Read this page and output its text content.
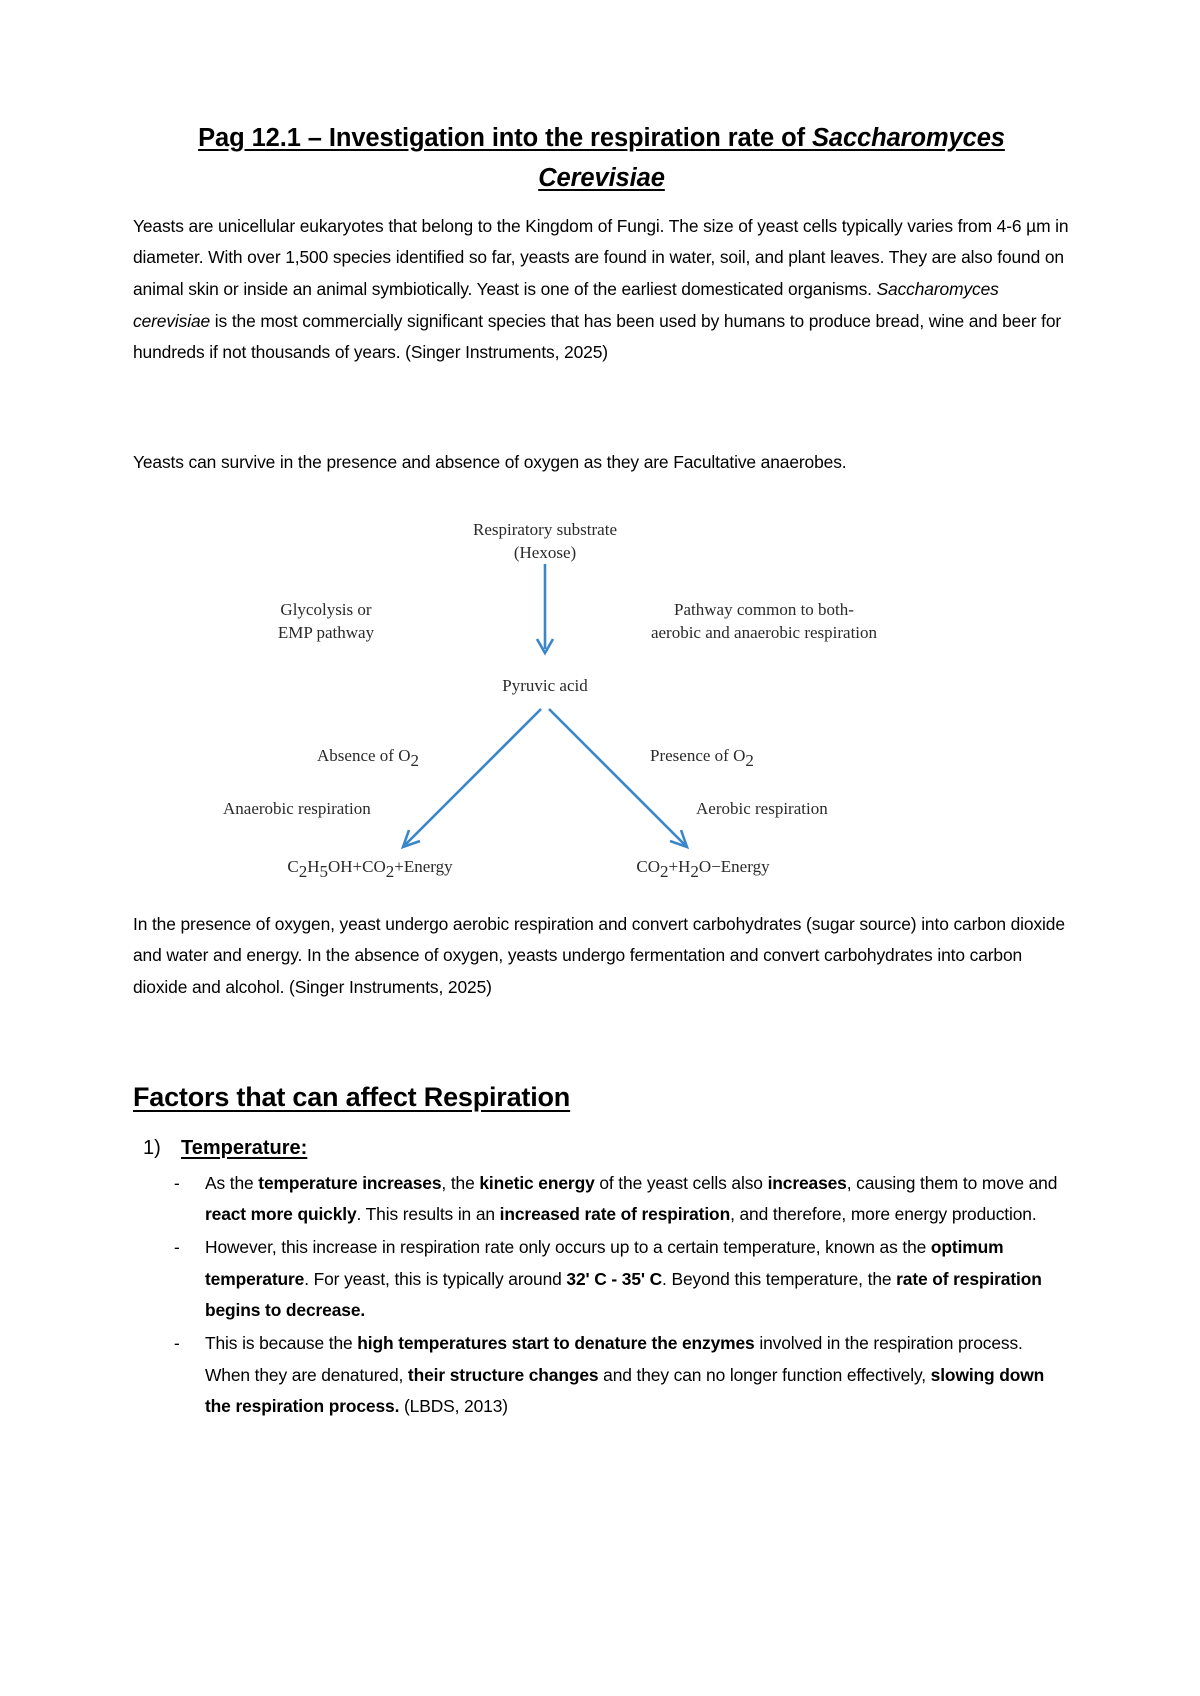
Pag 12.1 – Investigation into the respiration rate of Saccharomyces
Cerevisiae

Yeasts are unicellular eukaryotes that belong to the Kingdom of Fungi. The size of yeast cells typically varies from 4-6 µm in diameter. With over 1,500 species identified so far, yeasts are found in water, soil, and plant leaves. They are also found on animal skin or inside an animal symbiotically. Yeast is one of the earliest domesticated organisms. Saccharomyces cerevisiae is the most commercially significant species that has been used by humans to produce bread, wine and beer for hundreds if not thousands of years. (Singer Instruments, 2025)

Yeasts can survive in the presence and absence of oxygen as they are Facultative anaerobes.

Respiratory substrate
(Hexose)
Glycolysis or
EMP pathway
Pathway common to both-
aerobic and anaerobic respiration
Pyruvic acid
Absence of O2	Presence of O2
Anaerobic respiration	Aerobic respiration
C2H5OH+CO2+Energy	CO2+H2O−Energy

In the presence of oxygen, yeast undergo aerobic respiration and convert carbohydrates (sugar source) into carbon dioxide and water and energy. In the absence of oxygen, yeasts undergo fermentation and convert carbohydrates into carbon dioxide and alcohol. (Singer Instruments, 2025)

Factors that can affect Respiration
Temperature:
- As the temperature increases, the kinetic energy of the yeast cells also increases, causing them to move and react more quickly. This results in an increased rate of respiration, and therefore, more energy production.
- However, this increase in respiration rate only occurs up to a certain temperature, known as the optimum temperature. For yeast, this is typically around 32' C - 35' C. Beyond this temperature, the rate of respiration begins to decrease.
- This is because the high temperatures start to denature the enzymes involved in the respiration process. When they are denatured, their structure changes and they can no longer function effectively, slowing down the respiration process. (LBDS, 2013)
